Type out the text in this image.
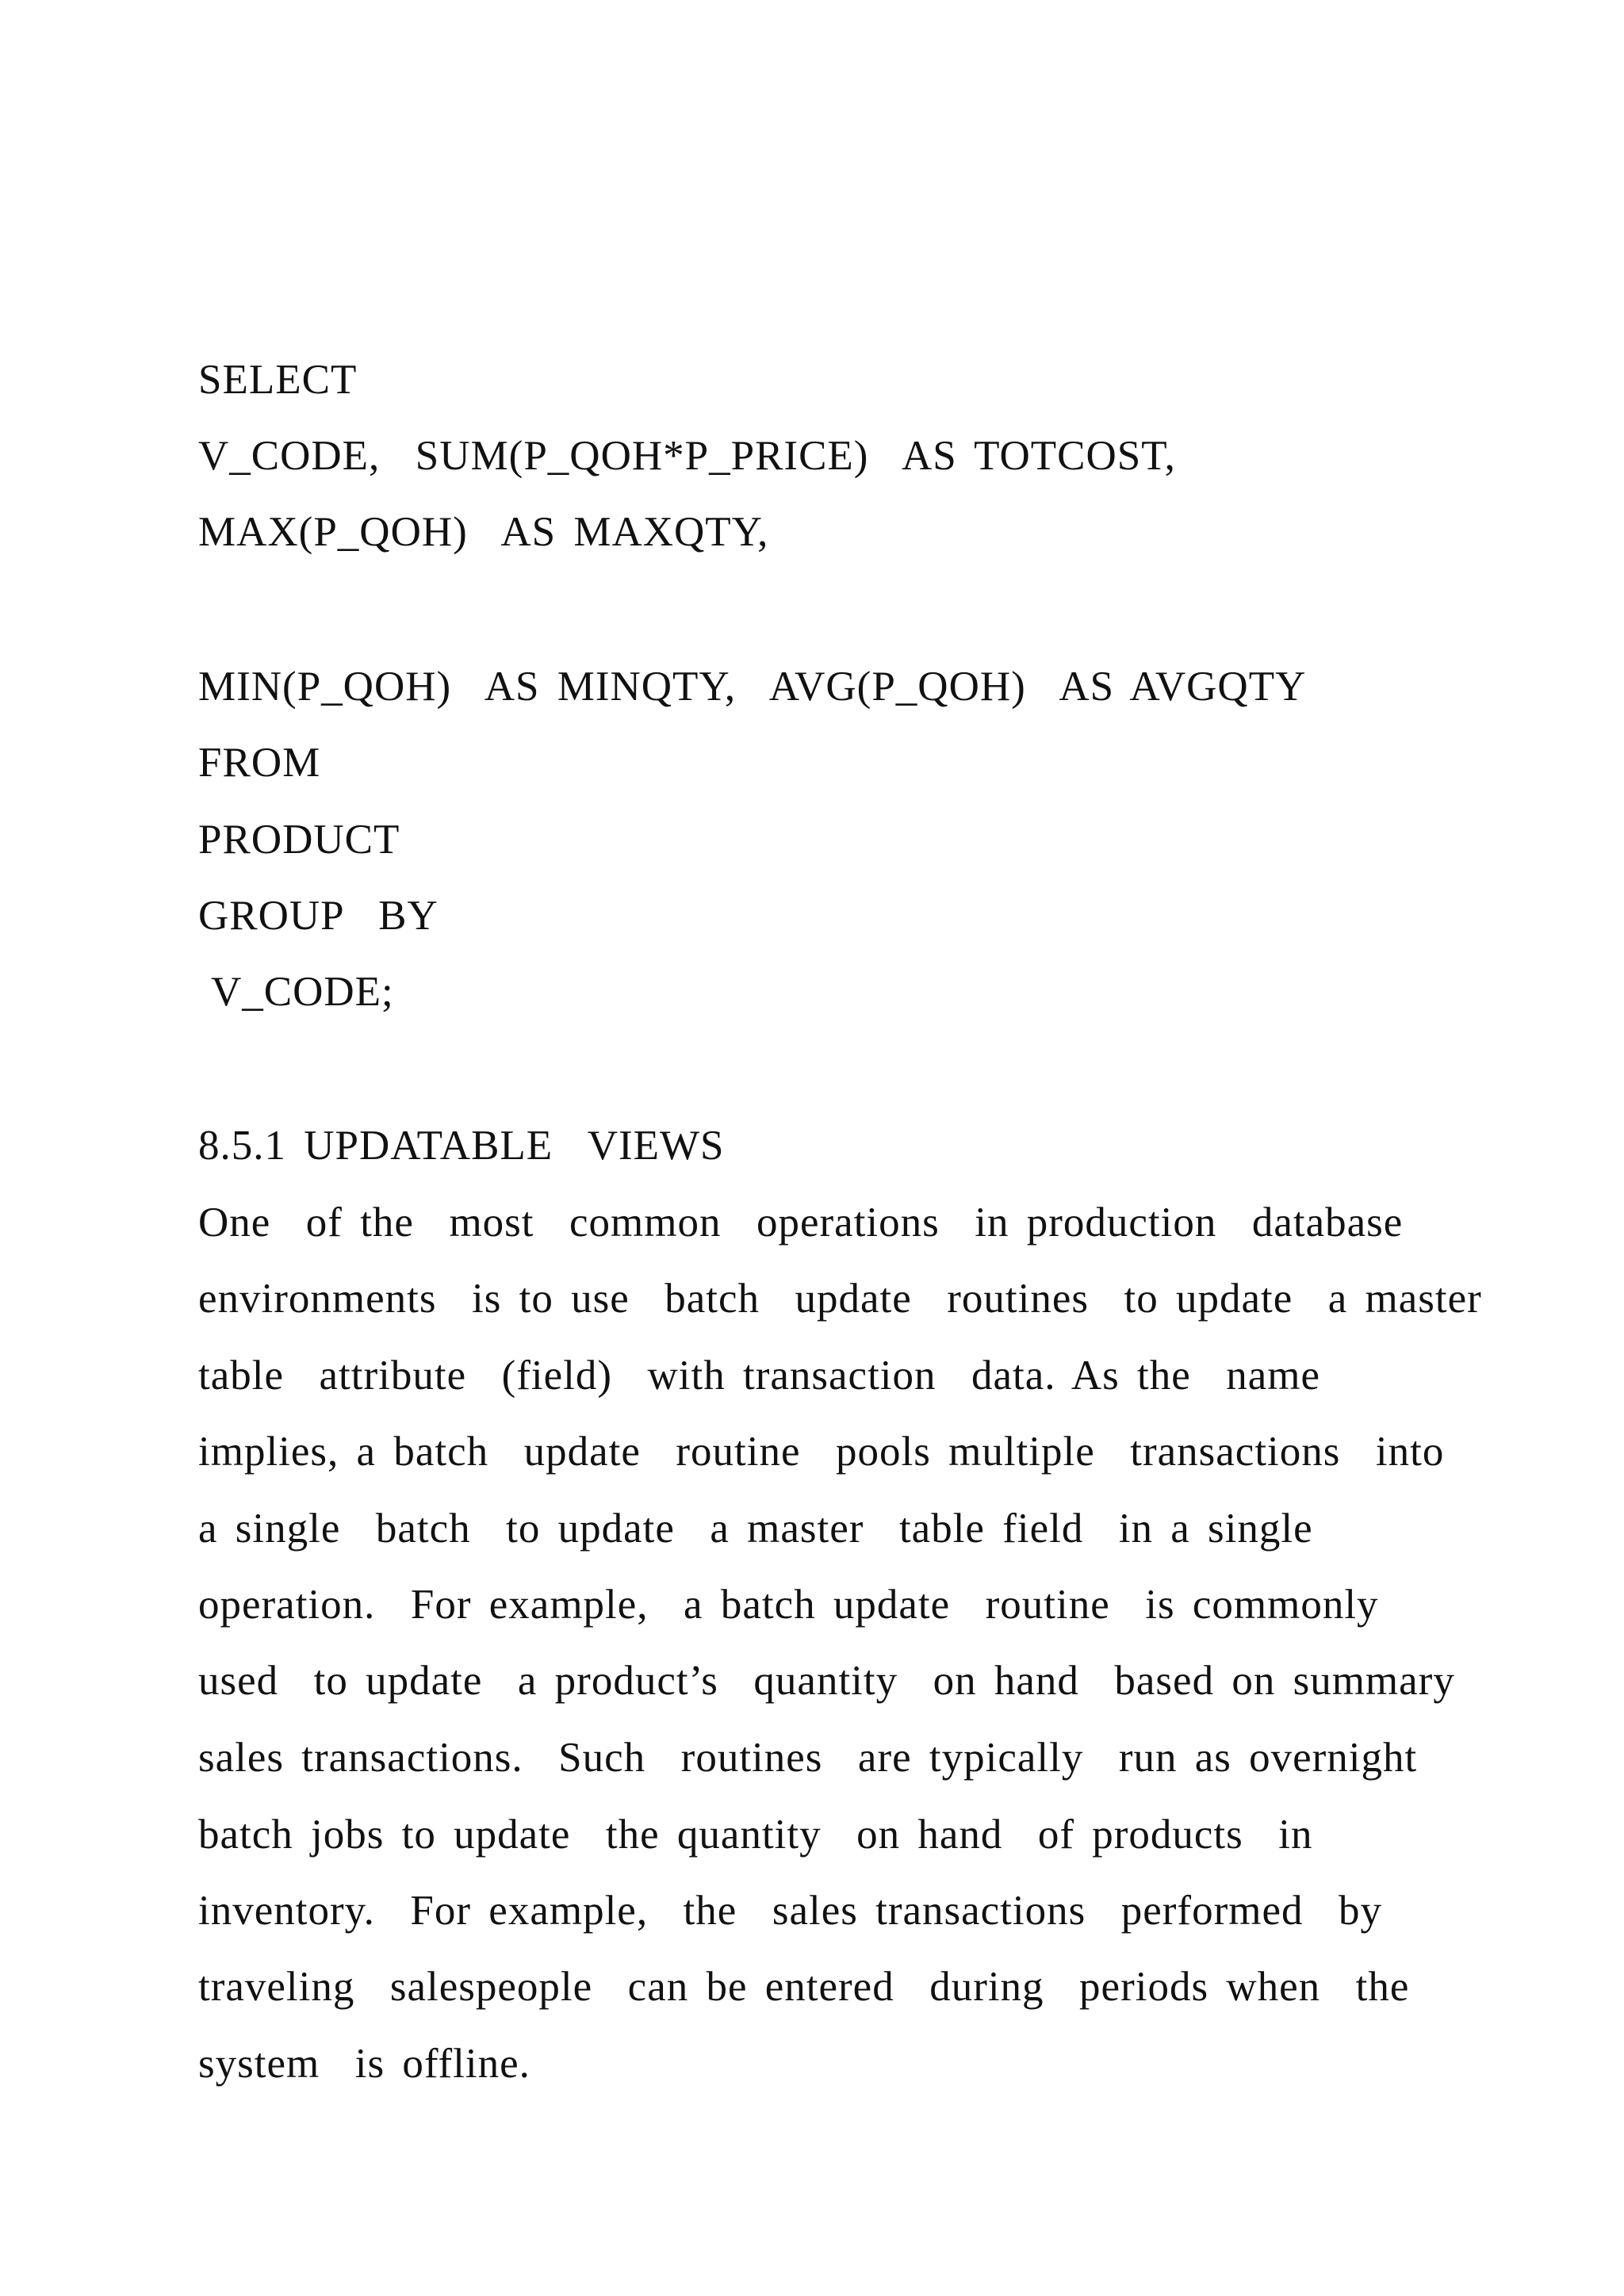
SELECT
V_CODE,  SUM(P_QOH*P_PRICE)  AS TOTCOST,
MAX(P_QOH)  AS MAXQTY,
MIN(P_QOH)  AS MINQTY,  AVG(P_QOH)  AS AVGQTY
FROM
PRODUCT
GROUP  BY
V_CODE;
8.5.1 UPDATABLE  VIEWS
One  of the  most  common  operations  in production  database
environments  is to use  batch  update  routines  to update  a master
table  attribute  (field)  with transaction  data. As the  name
implies, a batch  update  routine  pools multiple  transactions  into
a single  batch  to update  a master  table field  in a single
operation.  For example,  a batch update  routine  is commonly
used  to update  a product’s  quantity  on hand  based on summary
sales transactions.  Such  routines  are typically  run as overnight
batch jobs to update  the quantity  on hand  of products  in
inventory.  For example,  the  sales transactions  performed  by
traveling  salespeople  can be entered  during  periods when  the
system  is offline.
